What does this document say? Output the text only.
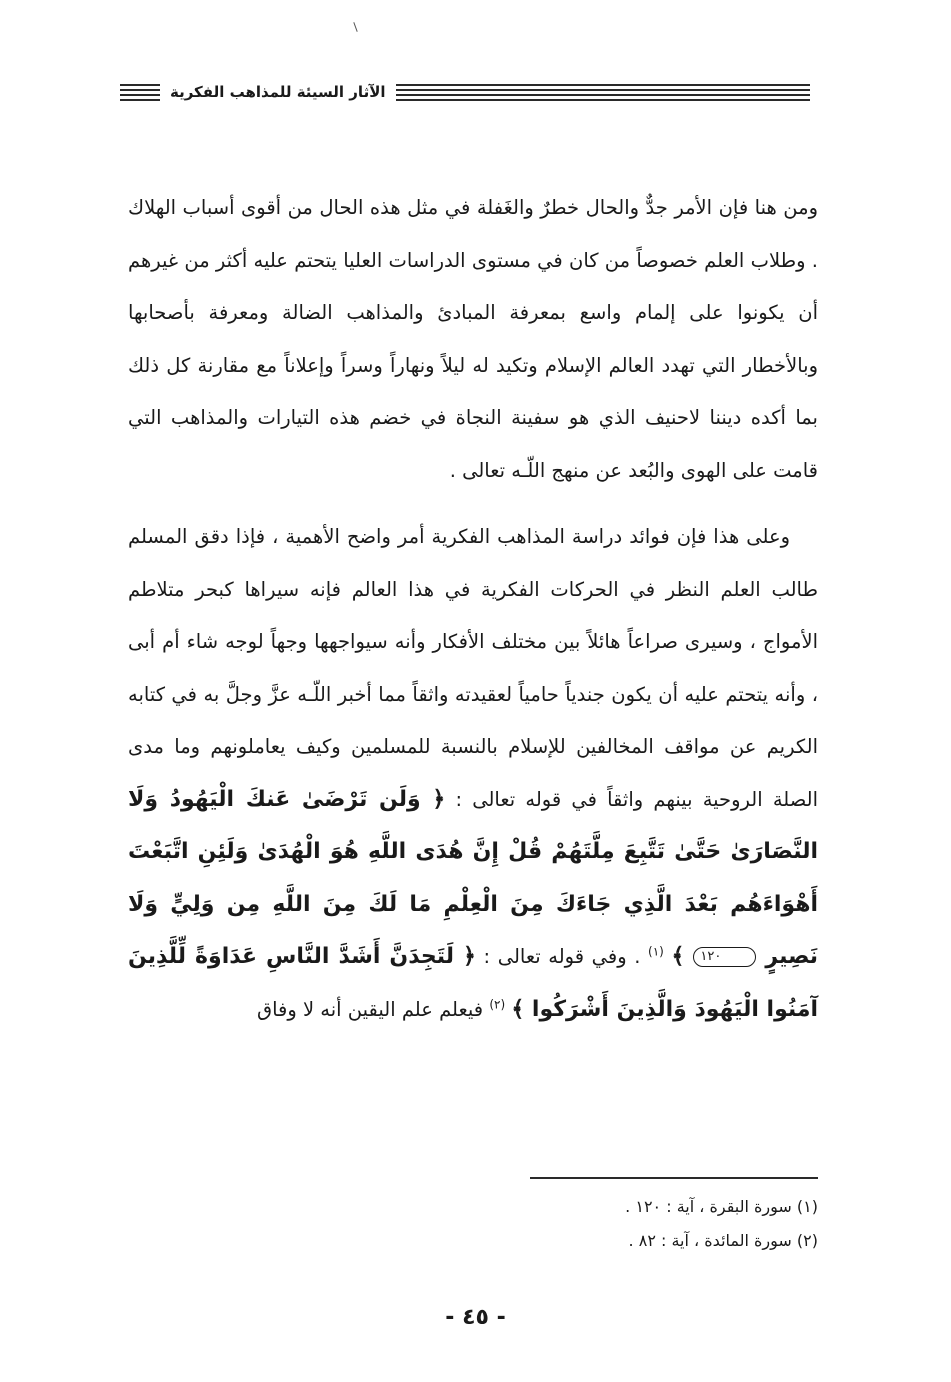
الآثار السيئة للمذاهب الفكرية

ومن هنا فإن الأمر جدٌّ والحال خطرٌ والغَفلة في مثل هذه الحال من أقوى أسباب الهلاك . وطلاب العلم خصوصاً من كان في مستوى الدراسات العليا يتحتم عليه أكثر من غيرهم أن يكونوا على إلمام واسع بمعرفة المبادئ والمذاهب الضالة ومعرفة بأصحابها وبالأخطار التي تهدد العالم الإسلام وتكيد له ليلاً ونهاراً وسراً وإعلاناً مع مقارنة كل ذلك بما أكده ديننا لاحنيف الذي هو سفينة النجاة في خضم هذه التيارات والمذاهب التي قامت على الهوى والبُعد عن منهج اللّـه تعالى .

وعلى هذا فإن فوائد دراسة المذاهب الفكرية أمر واضح الأهمية ، فإذا دقق المسلم طالب العلم النظر في الحركات الفكرية في هذا العالم فإنه سيراها كبحر متلاطم الأمواج ، وسيرى صراعاً هائلاً بين مختلف الأفكار وأنه سيواجهها وجهاً لوجه شاء أم أبى ، وأنه يتحتم عليه أن يكون جندياً حامياً لعقيدته واثقاً مما أخبر اللّـه عزَّ وجلَّ به في كتابه الكريم عن مواقف المخالفين للإسلام بالنسبة للمسلمين وكيف يعاملونهم وما مدى الصلة الروحية بينهم واثقاً في قوله تعالى : ﴿ وَلَن تَرْضَىٰ عَنكَ الْيَهُودُ وَلَا النَّصَارَىٰ حَتَّىٰ تَتَّبِعَ مِلَّتَهُمْ قُلْ إِنَّ هُدَى اللَّهِ هُوَ الْهُدَىٰ وَلَئِنِ اتَّبَعْتَ أَهْوَاءَهُم بَعْدَ الَّذِي جَاءَكَ مِنَ الْعِلْمِ مَا لَكَ مِنَ اللَّهِ مِن وَلِيٍّ وَلَا نَصِيرٍ ١٢٠ ﴾ $^{(١)}$ . وفي قوله تعالى : ﴿ لَتَجِدَنَّ أَشَدَّ النَّاسِ عَدَاوَةً لِّلَّذِينَ آمَنُوا الْيَهُودَ وَالَّذِينَ أَشْرَكُوا ﴾ $^{(٢)}$ فيعلم علم اليقين أنه لا وفاق

(١) سورة البقرة ، آية : ١٢٠ .

(٢) سورة المائدة ، آية : ٨٢ .

- ٤٥ -
